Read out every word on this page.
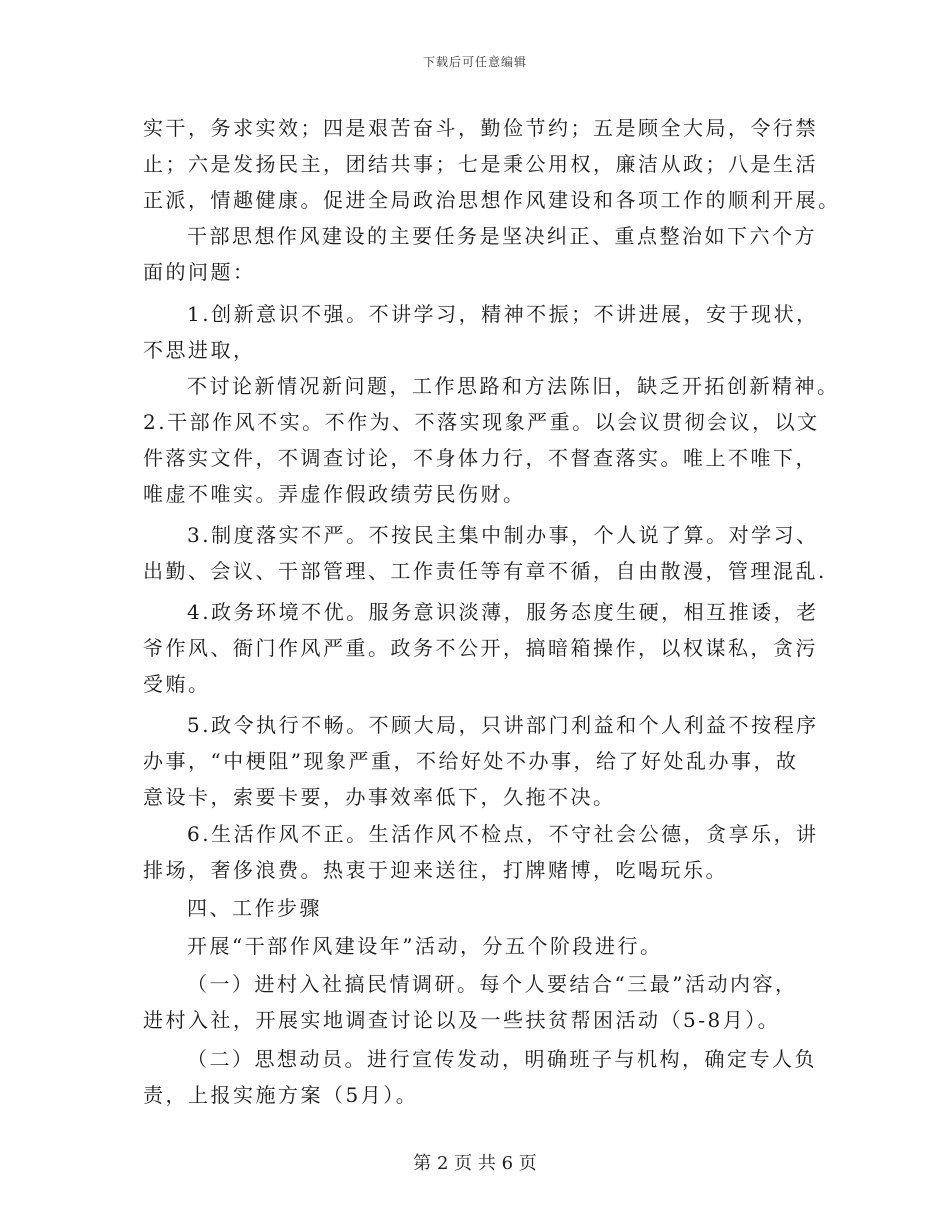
下载后可任意编辑
实干，务求实效；四是艰苦奋斗，勤俭节约；五是顾全大局，令行禁
止；六是发扬民主，团结共事；七是秉公用权，廉洁从政；八是生活
正派，情趣健康。促进全局政治思想作风建设和各项工作的顺利开展。
干部思想作风建设的主要任务是坚决纠正、重点整治如下六个方
面的问题：
1.创新意识不强。不讲学习，精神不振；不讲进展，安于现状，
不思进取，
不讨论新情况新问题，工作思路和方法陈旧，缺乏开拓创新精神。
2.干部作风不实。不作为、不落实现象严重。以会议贯彻会议，以文
件落实文件，不调查讨论，不身体力行，不督查落实。唯上不唯下，
唯虚不唯实。弄虚作假政绩劳民伤财。
3.制度落实不严。不按民主集中制办事，个人说了算。对学习、
出勤、会议、干部管理、工作责任等有章不循，自由散漫，管理混乱.
4.政务环境不优。服务意识淡薄，服务态度生硬，相互推诿，老
爷作风、衙门作风严重。政务不公开，搞暗箱操作，以权谋私，贪污
受贿。
5.政令执行不畅。不顾大局，只讲部门利益和个人利益不按程序
办事，“中梗阻”现象严重，不给好处不办事，给了好处乱办事，故
意设卡，索要卡要，办事效率低下，久拖不决。
6.生活作风不正。生活作风不检点，不守社会公德，贪享乐，讲
排场，奢侈浪费。热衷于迎来送往，打牌赌博，吃喝玩乐。
四、工作步骤
开展“干部作风建设年”活动，分五个阶段进行。
（一）进村入社搞民情调研。每个人要结合“三最”活动内容，
进村入社，开展实地调查讨论以及一些扶贫帮困活动（5-8月）。
（二）思想动员。进行宣传发动，明确班子与机构，确定专人负
责，上报实施方案（5月）。
第 2 页 共 6 页
